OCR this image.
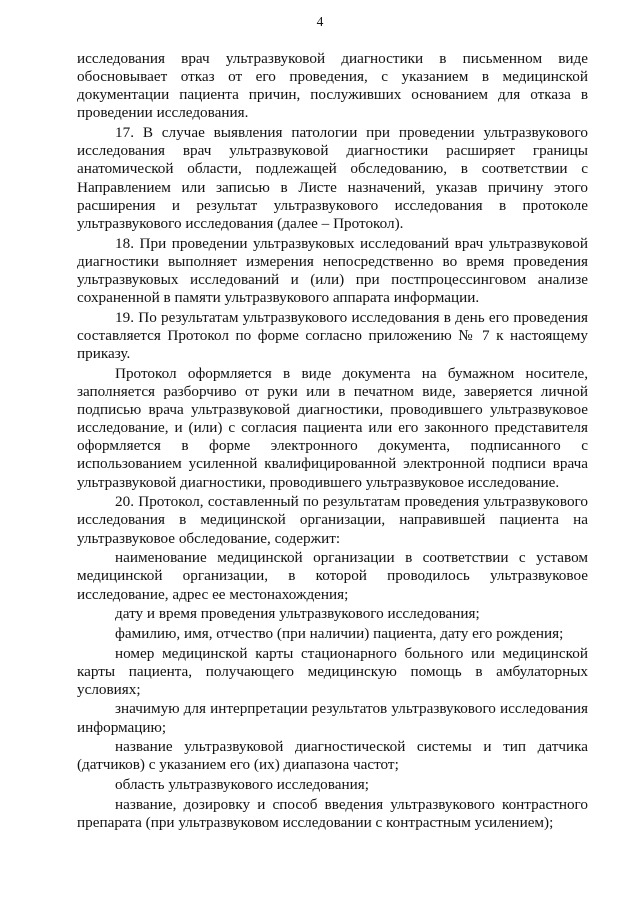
4

исследования врач ультразвуковой диагностики в письменном виде обосновывает отказ от его проведения, с указанием в медицинской документации пациента причин, послуживших основанием для отказа в проведении исследования.

17. В случае выявления патологии при проведении ультразвукового исследования врач ультразвуковой диагностики расширяет границы анатомической области, подлежащей обследованию, в соответствии с Направлением или записью в Листе назначений, указав причину этого расширения и результат ультразвукового исследования в протоколе ультразвукового исследования (далее – Протокол).

18. При проведении ультразвуковых исследований врач ультразвуковой диагностики выполняет измерения непосредственно во время проведения ультразвуковых исследований и (или) при постпроцессинговом анализе сохраненной в памяти ультразвукового аппарата информации.

19. По результатам ультразвукового исследования в день его проведения составляется Протокол по форме согласно приложению № 7 к настоящему приказу.

Протокол оформляется в виде документа на бумажном носителе, заполняется разборчиво от руки или в печатном виде, заверяется личной подписью врача ультразвуковой диагностики, проводившего ультразвуковое исследование, и (или) с согласия пациента или его законного представителя оформляется в форме электронного документа, подписанного с использованием усиленной квалифицированной электронной подписи врача ультразвуковой диагностики, проводившего ультразвуковое исследование.

20. Протокол, составленный по результатам проведения ультразвукового исследования в медицинской организации, направившей пациента на ультразвуковое обследование, содержит:

наименование медицинской организации в соответствии с уставом медицинской организации, в которой проводилось ультразвуковое исследование, адрес ее местонахождения;

дату и время проведения ультразвукового исследования;

фамилию, имя, отчество (при наличии) пациента, дату его рождения;

номер медицинской карты стационарного больного или медицинской карты пациента, получающего медицинскую помощь в амбулаторных условиях;

значимую для интерпретации результатов ультразвукового исследования информацию;

название ультразвуковой диагностической системы и тип датчика (датчиков) с указанием его (их) диапазона частот;

область ультразвукового исследования;

название, дозировку и способ введения ультразвукового контрастного препарата (при ультразвуковом исследовании с контрастным усилением);
